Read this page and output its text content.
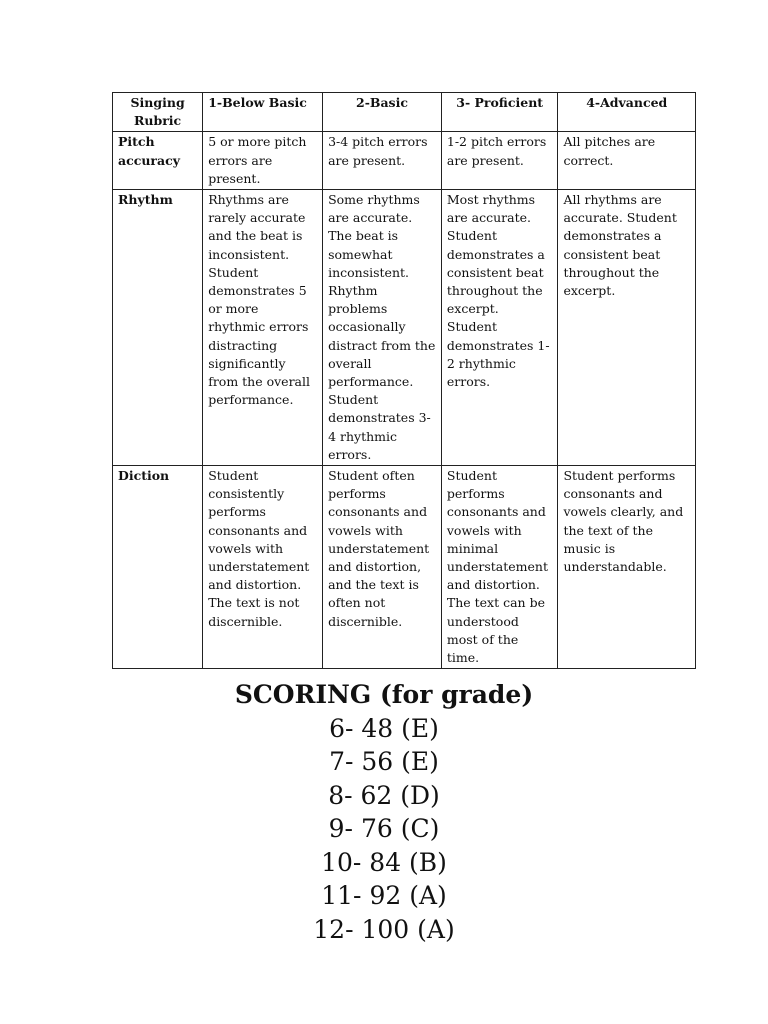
Singing Rubric	1-Below Basic	2-Basic	3- Proficient	4-Advanced
Pitch accuracy	5 or more pitch errors are present.	3-4 pitch errors are present.	1-2 pitch errors are present.	All pitches are correct.
Rhythm	Rhythms are rarely accurate and the beat is inconsistent. Student demonstrates 5 or more rhythmic errors distracting significantly from the overall performance.	Some rhythms are accurate. The beat is somewhat inconsistent. Rhythm problems occasionally distract from the overall performance. Student demonstrates 3-4 rhythmic errors.	Most rhythms are accurate. Student demonstrates a consistent beat throughout the excerpt. Student demonstrates 1-2 rhythmic errors.	All rhythms are accurate. Student demonstrates a consistent beat throughout the excerpt.
Diction	Student consistently performs consonants and vowels with understatement and distortion. The text is not discernible.	Student often performs consonants and vowels with understatement and distortion, and the text is often not discernible.	Student performs consonants and vowels with minimal understatement and distortion. The text can be understood most of the time.	Student performs consonants and vowels clearly, and the text of the music is understandable.
SCORING (for grade)
6- 48 (E)
7- 56 (E)
8- 62 (D)
9- 76 (C)
10- 84 (B)
11- 92 (A)
12- 100 (A)
